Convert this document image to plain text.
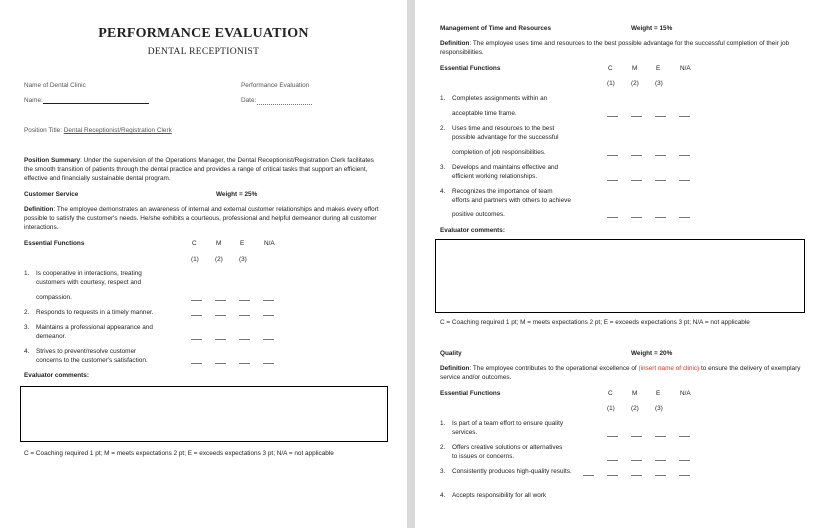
PERFORMANCE EVALUATION
DENTAL RECEPTIONIST
Name of Dental Clinic	Performance Evaluation
Name:	Date:
Position Title: Dental Receptionist/Registration Clerk
Position Summary: Under the supervision of the Operations Manager, the Dental Receptionist/Registration Clerk facilitates the smooth transition of patients through the dental practice and provides a range of critical tasks that support an efficient, effective and financially sustainable dental program.
Customer Service	Weight = 25%
Definition: The employee demonstrates an awareness of internal and external customer relationships and makes every effort possible to satisfy the customer's needs. He/she exhibits a courteous, professional and helpful demeanor during all customer interactions.
Essential Functions	C	M	E	N/A
(1)	(2)	(3)
1. Is cooperative in interactions, treating
customers with courtesy, respect and
compassion.
2. Responds to requests in a timely manner.
3. Maintains a professional appearance and
demeanor.
4. Strives to prevent/resolve customer
concerns to the customer's satisfaction.
Evaluator comments:
C = Coaching required 1 pt; M = meets expectations 2 pt; E = exceeds expectations 3 pt; N/A = not applicable
Management of Time and Resources	Weight = 15%
Definition: The employee uses time and resources to the best possible advantage for the successful completion of their job responsibilities.
Essential Functions	C	M	E	N/A
(1)	(2)	(3)
1. Completes assignments within an
acceptable time frame.
2. Uses time and resources to the best
possible advantage for the successful
completion of job responsibilities.
3. Develops and maintains effective and
efficient working relationships.
4. Recognizes the importance of team
efforts and partners with others to achieve
positive outcomes.
Evaluator comments:
C = Coaching required 1 pt; M = meets expectations 2 pt; E = exceeds expectations 3 pt; N/A = not applicable
Quality	Weight = 20%
Definition: The employee contributes to the operational excellence of (insert name of clinic) to ensure the delivery of exemplary service and/or outcomes.
Essential Functions	C	M	E	N/A
(1)	(2)	(3)
1. Is part of a team effort to ensure quality
services.
2. Offers creative solutions or alternatives
to issues or concerns.
3. Consistently produces high-quality results.
4. Accepts responsibility for all work
